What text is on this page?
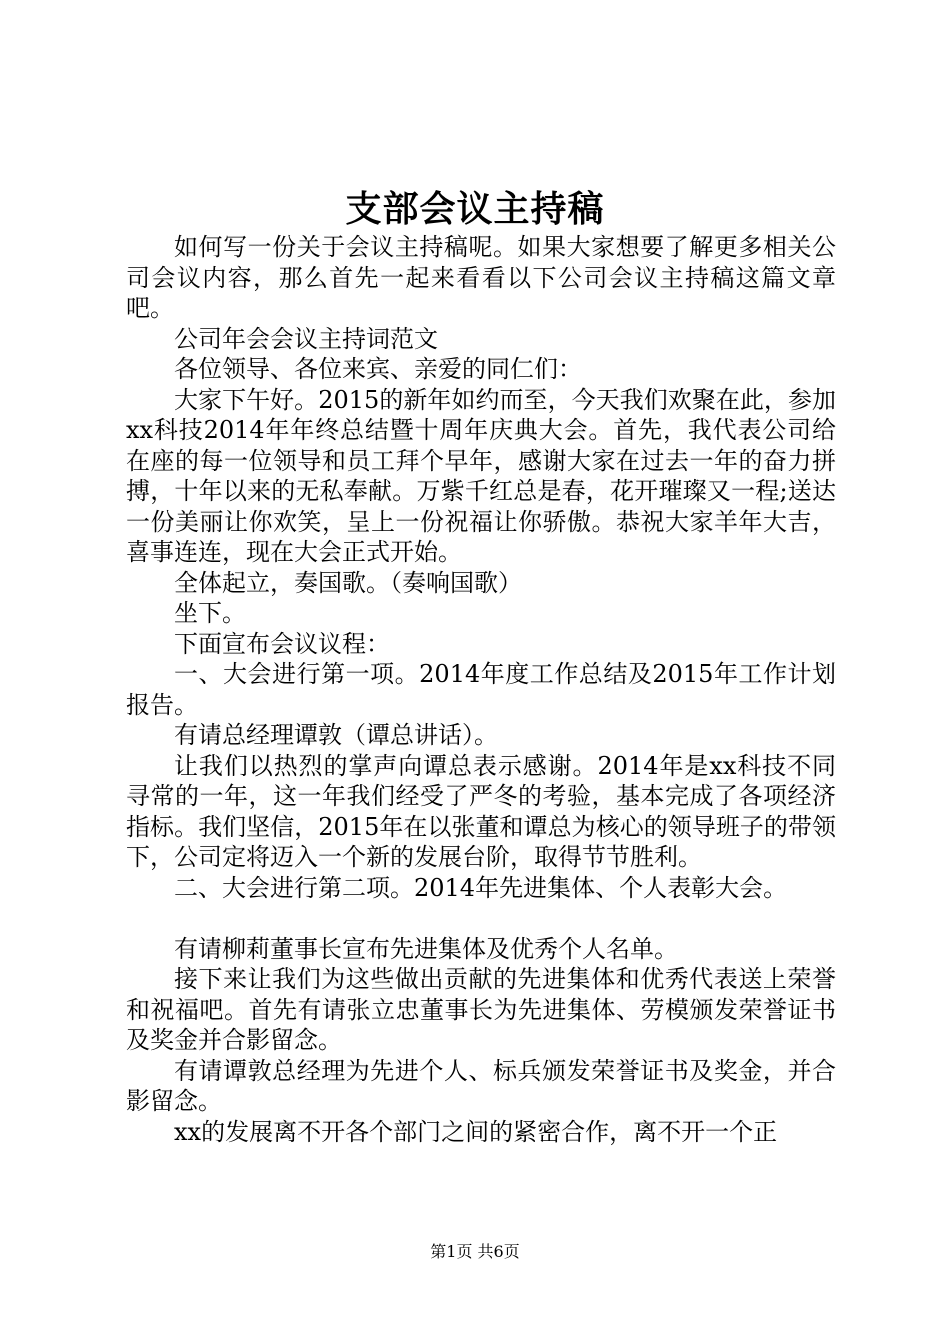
支部会议主持稿

如何写一份关于会议主持稿呢。如果大家想要了解更多相关公司会议内容，那么首先一起来看看以下公司会议主持稿这篇文章吧。

公司年会会议主持词范文

各位领导、各位来宾、亲爱的同仁们：

大家下午好。2015的新年如约而至，今天我们欢聚在此，参加xx科技2014年年终总结暨十周年庆典大会。首先，我代表公司给在座的每一位领导和员工拜个早年，感谢大家在过去一年的奋力拼搏，十年以来的无私奉献。万紫千红总是春，花开璀璨又一程;送达一份美丽让你欢笑，呈上一份祝福让你骄傲。恭祝大家羊年大吉，喜事连连，现在大会正式开始。

全体起立，奏国歌。（奏响国歌）

坐下。

下面宣布会议议程：

一、大会进行第一项。2014年度工作总结及2015年工作计划报告。

有请总经理谭敦（谭总讲话）。

让我们以热烈的掌声向谭总表示感谢。2014年是xx科技不同寻常的一年，这一年我们经受了严冬的考验，基本完成了各项经济指标。我们坚信，2015年在以张董和谭总为核心的领导班子的带领下，公司定将迈入一个新的发展台阶，取得节节胜利。

二、大会进行第二项。2014年先进集体、个人表彰大会。

有请柳莉董事长宣布先进集体及优秀个人名单。

接下来让我们为这些做出贡献的先进集体和优秀代表送上荣誉和祝福吧。首先有请张立忠董事长为先进集体、劳模颁发荣誉证书及奖金并合影留念。

有请谭敦总经理为先进个人、标兵颁发荣誉证书及奖金，并合影留念。

xx的发展离不开各个部门之间的紧密合作，离不开一个正

第1页 共6页
